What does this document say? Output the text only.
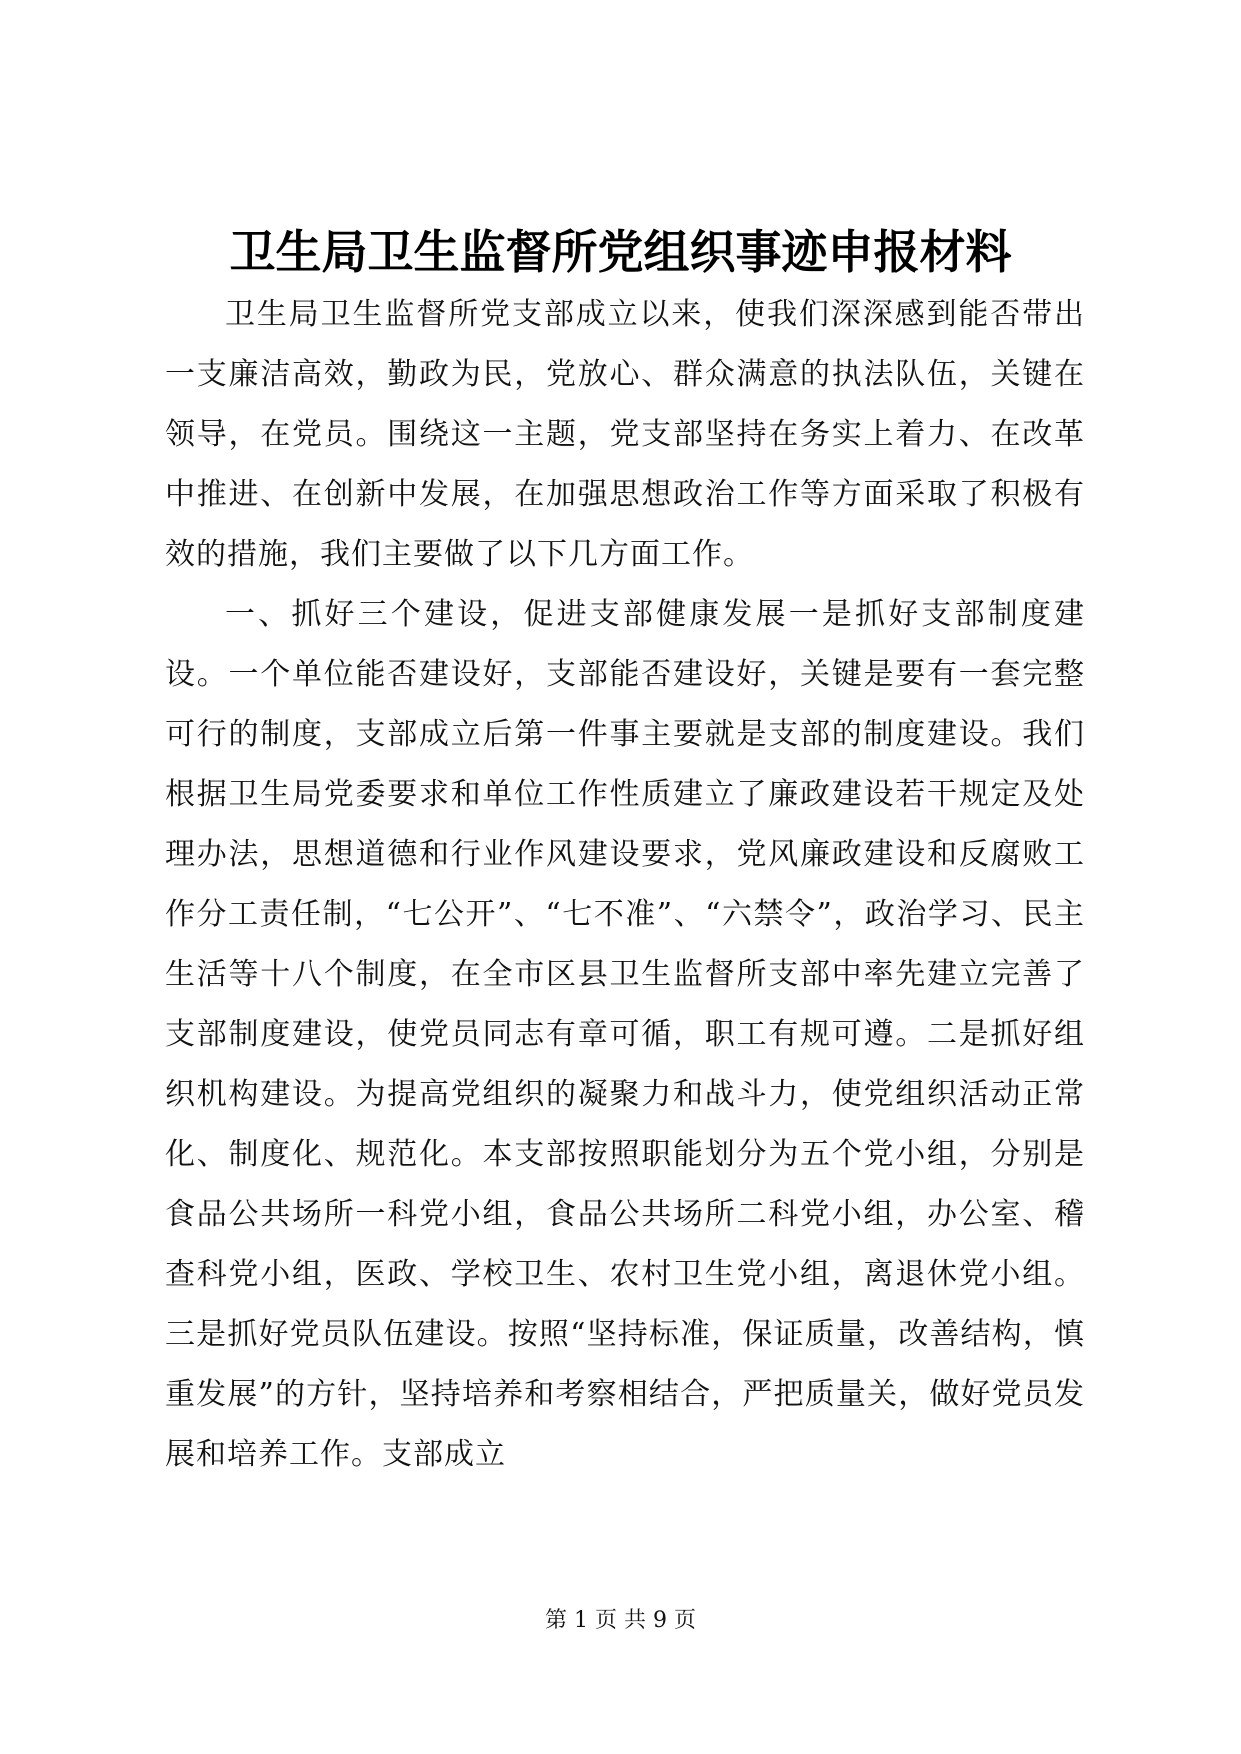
卫生局卫生监督所党组织事迹申报材料

卫生局卫生监督所党支部成立以来，使我们深深感到能否带出一支廉洁高效，勤政为民，党放心、群众满意的执法队伍，关键在领导，在党员。围绕这一主题，党支部坚持在务实上着力、在改革中推进、在创新中发展，在加强思想政治工作等方面采取了积极有效的措施，我们主要做了以下几方面工作。

一、抓好三个建设，促进支部健康发展一是抓好支部制度建设。一个单位能否建设好，支部能否建设好，关键是要有一套完整可行的制度，支部成立后第一件事主要就是支部的制度建设。我们根据卫生局党委要求和单位工作性质建立了廉政建设若干规定及处理办法，思想道德和行业作风建设要求，党风廉政建设和反腐败工作分工责任制，“七公开”、“七不准”、“六禁令”，政治学习、民主生活等十八个制度，在全市区县卫生监督所支部中率先建立完善了支部制度建设，使党员同志有章可循，职工有规可遵。二是抓好组织机构建设。为提高党组织的凝聚力和战斗力，使党组织活动正常化、制度化、规范化。本支部按照职能划分为五个党小组，分别是食品公共场所一科党小组，食品公共场所二科党小组，办公室、稽查科党小组，医政、学校卫生、农村卫生党小组，离退休党小组。三是抓好党员队伍建设。按照“坚持标准，保证质量，改善结构，慎重发展”的方针，坚持培养和考察相结合，严把质量关，做好党员发展和培养工作。支部成立

第 1 页 共 9 页
